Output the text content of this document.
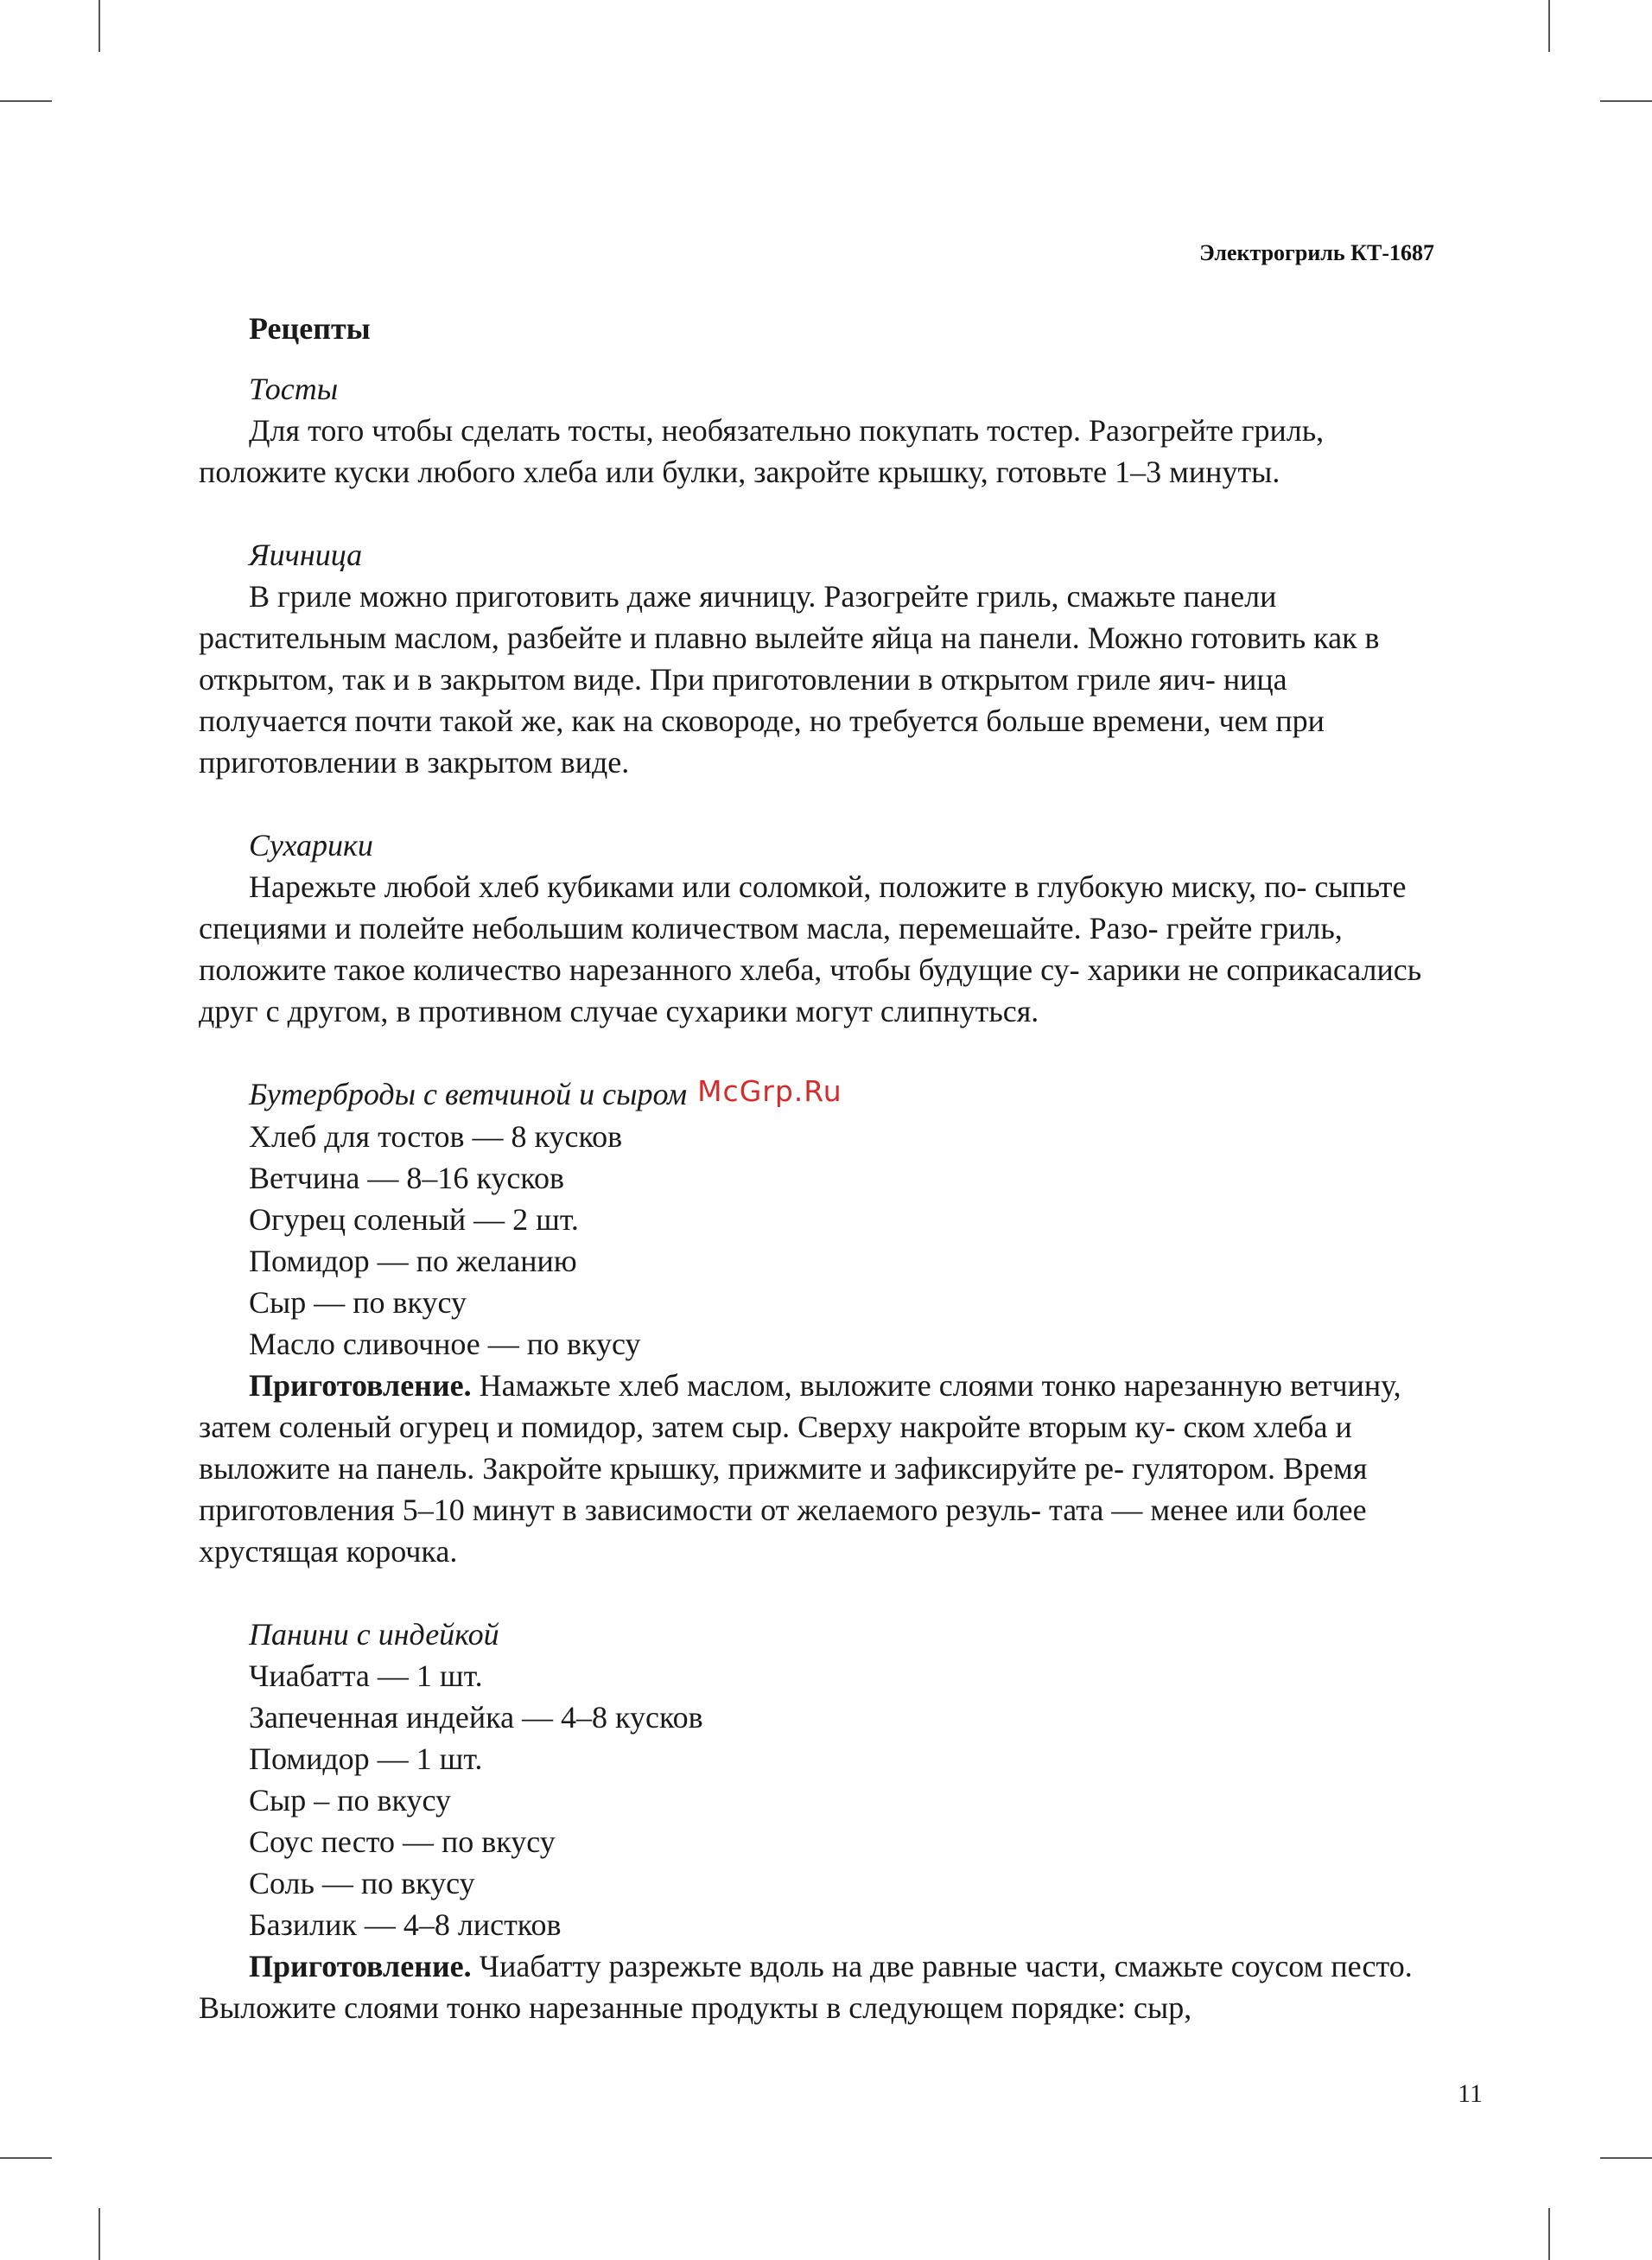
Электрогриль КТ-1687
Рецепты
Тосты

Для того чтобы сделать тосты, необязательно покупать тостер. Разогрейте гриль, положите куски любого хлеба или булки, закройте крышку, готовьте 1–3 минуты.

Яичница

В гриле можно приготовить даже яичницу. Разогрейте гриль, смажьте панели растительным маслом, разбейте и плавно вылейте яйца на панели. Можно готовить как в открытом, так и в закрытом виде. При приготовлении в открытом гриле яич- ница получается почти такой же, как на сковороде, но требуется больше времени, чем при приготовлении в закрытом виде.

Сухарики

Нарежьте любой хлеб кубиками или соломкой, положите в глубокую миску, по- сыпьте специями и полейте небольшим количеством масла, перемешайте. Разо- грейте гриль, положите такое количество нарезанного хлеба, чтобы будущие су- харики не соприкасались друг с другом, в противном случае сухарики могут слипнуться.

Бутерброды с ветчиной и сыром McGrp.Ru

Хлеб для тостов — 8 кусков

Ветчина — 8–16 кусков

Огурец соленый — 2 шт.

Помидор — по желанию

Сыр — по вкусу

Масло сливочное — по вкусу

Приготовление. Намажьте хлеб маслом, выложите слоями тонко нарезанную ветчину, затем соленый огурец и помидор, затем сыр. Сверху накройте вторым ку- ском хлеба и выложите на панель. Закройте крышку, прижмите и зафиксируйте ре- гулятором. Время приготовления 5–10 минут в зависимости от желаемого резуль- тата — менее или более хрустящая корочка.

Панини с индейкой

Чиабатта — 1 шт.

Запеченная индейка — 4–8 кусков

Помидор — 1 шт.

Сыр – по вкусу

Соус песто — по вкусу

Соль — по вкусу

Базилик — 4–8 листков

Приготовление. Чиабатту разрежьте вдоль на две равные части, смажьте соусом песто. Выложите слоями тонко нарезанные продукты в следующем порядке: сыр,

11
